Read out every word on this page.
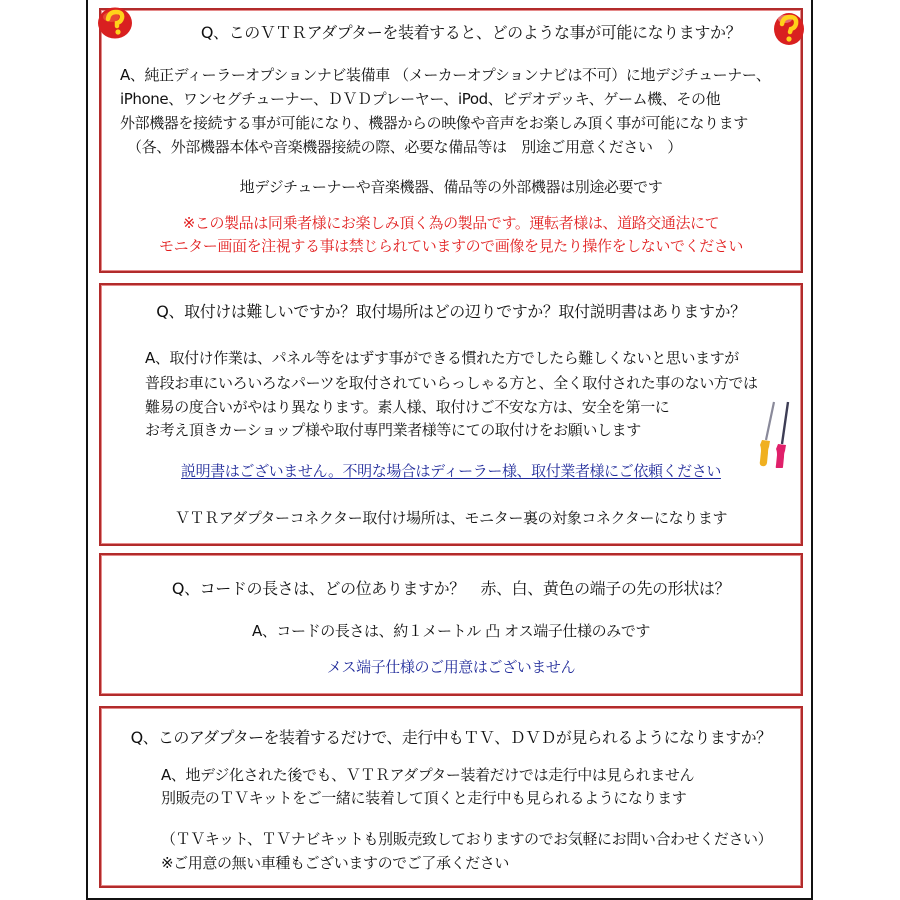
Q、このＶＴＲアダプターを装着すると、どのような事が可能になりますか？
A、純正ディーラーオプションナビ装備車 （メーカーオプションナビは不可）に地デジチューナー、
iPhone、ワンセグチューナー、ＤＶＤプレーヤー、iPod、ビデオデッキ、ゲーム機、その他
外部機器を接続する事が可能になり、機器からの映像や音声をお楽しみ頂く事が可能になります
（各、外部機器本体や音楽機器接続の際、必要な備品等は　別途ご用意ください　）
地デジチューナーや音楽機器、備品等の外部機器は別途必要です
※この製品は同乗者様にお楽しみ頂く為の製品です。運転者様は、道路交通法にて
モニター画面を注視する事は禁じられていますので画像を見たり操作をしないでください
Q、取付けは難しいですか？取付場所はどの辺りですか？取付説明書はありますか？
A、取付け作業は、パネル等をはずす事ができる慣れた方でしたら難しくないと思いますが
普段お車にいろいろなパーツを取付されていらっしゃる方と、全く取付された事のない方では
難易の度合いがやはり異なります。素人様、取付けご不安な方は、安全を第一に
お考え頂きカーショップ様や取付専門業者様等にての取付けをお願いします
説明書はございません。不明な場合はディーラー様、取付業者様にご依頼ください
ＶＴＲアダプターコネクター取付け場所は、モニター裏の対象コネクターになります
Q、コードの長さは、どの位ありますか？　赤、白、黄色の端子の先の形状は？
A、コードの長さは、約１メートル 凸 オス端子仕様のみです
メス端子仕様のご用意はございません
Q、このアダプターを装着するだけで、走行中もＴＶ、ＤＶＤが見られるようになりますか？
A、地デジ化された後でも、ＶＴＲアダプター装着だけでは走行中は見られません
別販売のＴＶキットをご一緒に装着して頂くと走行中も見られるようになります
（ＴＶキット、ＴＶナビキットも別販売致しておりますのでお気軽にお問い合わせください）
※ご用意の無い車種もございますのでご了承ください
